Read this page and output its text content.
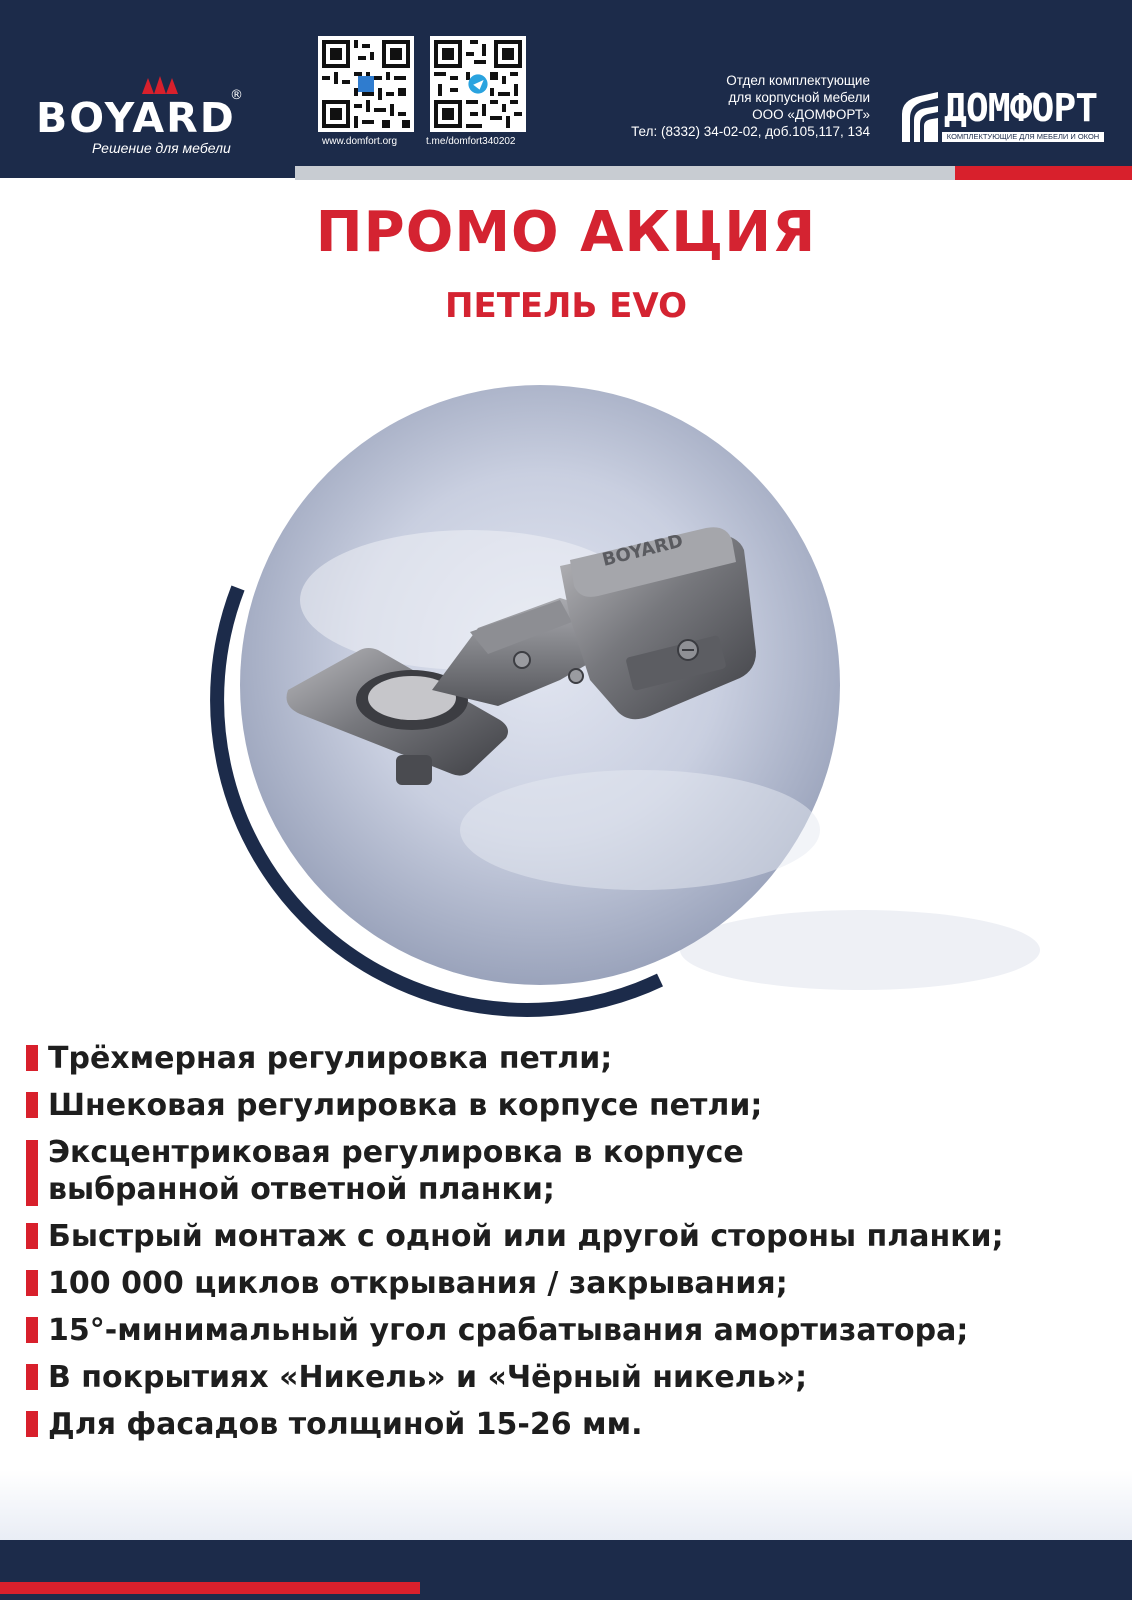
BOYARD
®
Решение для мебели	www.domfort.org	t.me/domfort340202
Отдел комплектующие
для корпусной мебели
ООО «ДОМФОРТ»
Тел: (8332) 34-02-02, доб.105,117, 134
ДОМФОРТ
КОМПЛЕКТУЮЩИЕ ДЛЯ МЕБЕЛИ И ОКОН
ПРОМО АКЦИЯ
ПЕТЕЛЬ EVO
BOYARD
Трёхмерная регулировка петли;
Шнековая регулировка в корпусе петли;
Эксцентриковая регулировка в корпусе
выбранной ответной планки;
Быстрый монтаж с одной или другой стороны планки;
100 000 циклов открывания / закрывания;
15°-минимальный угол срабатывания амортизатора;
В покрытиях «Никель» и «Чёрный никель»;
Для фасадов толщиной 15-26 мм.
